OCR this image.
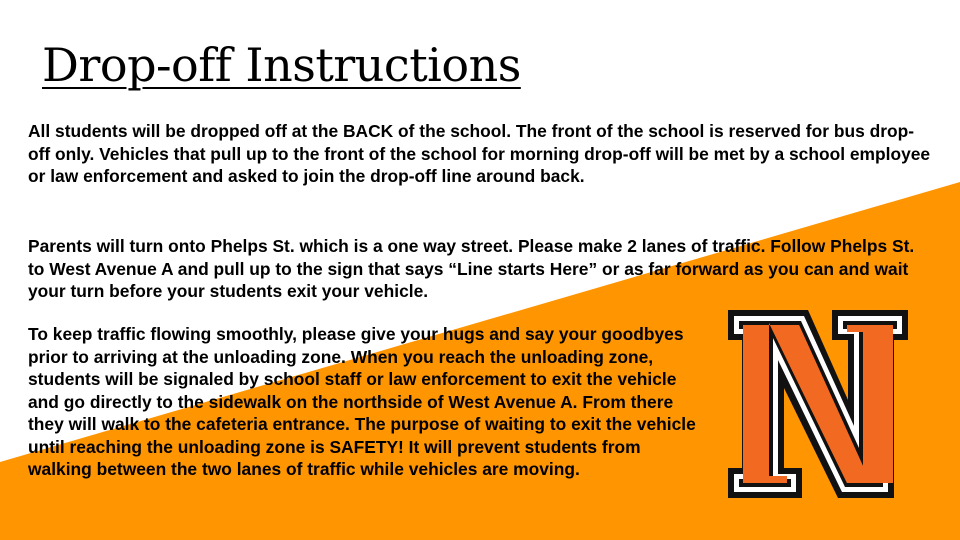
Drop-off Instructions

All students will be dropped off at the BACK of the school. The front of the school is reserved for bus drop-off only. Vehicles that pull up to the front of the school for morning drop-off will be met by a school employee or law enforcement and asked to join the drop-off line around back.

Parents will turn onto Phelps St. which is a one way street. Please make 2 lanes of traffic. Follow Phelps St. to West Avenue A and pull up to the sign that says “Line starts Here” or as far forward as you can and wait your turn before your students exit your vehicle.

To keep traffic flowing smoothly, please give your hugs and say your goodbyes prior to arriving at the unloading zone. When you reach the unloading zone, students will be signaled by school staff or law enforcement to exit the vehicle and go directly to the sidewalk on the northside of West Avenue A. From there they will walk to the cafeteria entrance. The purpose of waiting to exit the vehicle until reaching the unloading zone is SAFETY! It will prevent students from walking between the two lanes of traffic while vehicles are moving.
